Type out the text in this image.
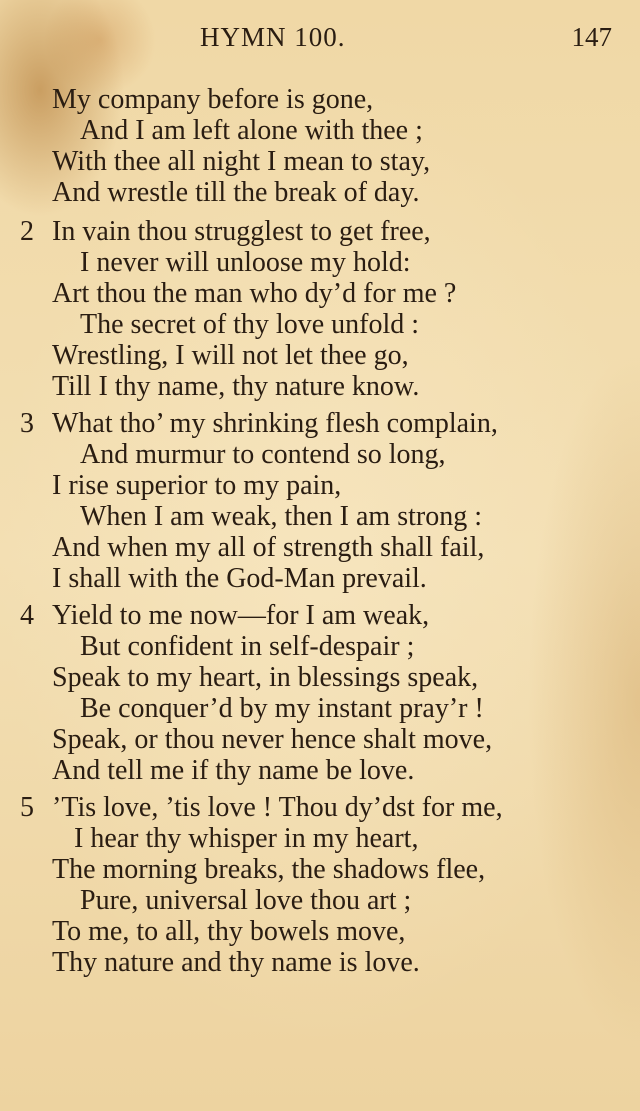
HYMN 100.	147
My company before is gone,
And I am left alone with thee ;
With thee all night I mean to stay,
And wrestle till the break of day.
2 In vain thou strugglest to get free,
I never will unloose my hold:
Art thou the man who dy’d for me ?
The secret of thy love unfold :
Wrestling, I will not let thee go,
Till I thy name, thy nature know.
3 What tho’ my shrinking flesh complain,
And murmur to contend so long,
I rise superior to my pain,
When I am weak, then I am strong :
And when my all of strength shall fail,
I shall with the God-Man prevail.
4 Yield to me now—for I am weak,
But confident in self-despair ;
Speak to my heart, in blessings speak,
Be conquer’d by my instant pray’r !
Speak, or thou never hence shalt move,
And tell me if thy name be love.
5 ’Tis love, ’tis love ! Thou dy’dst for me,
I hear thy whisper in my heart,
The morning breaks, the shadows flee,
Pure, universal love thou art ;
To me, to all, thy bowels move,
Thy nature and thy name is love.
